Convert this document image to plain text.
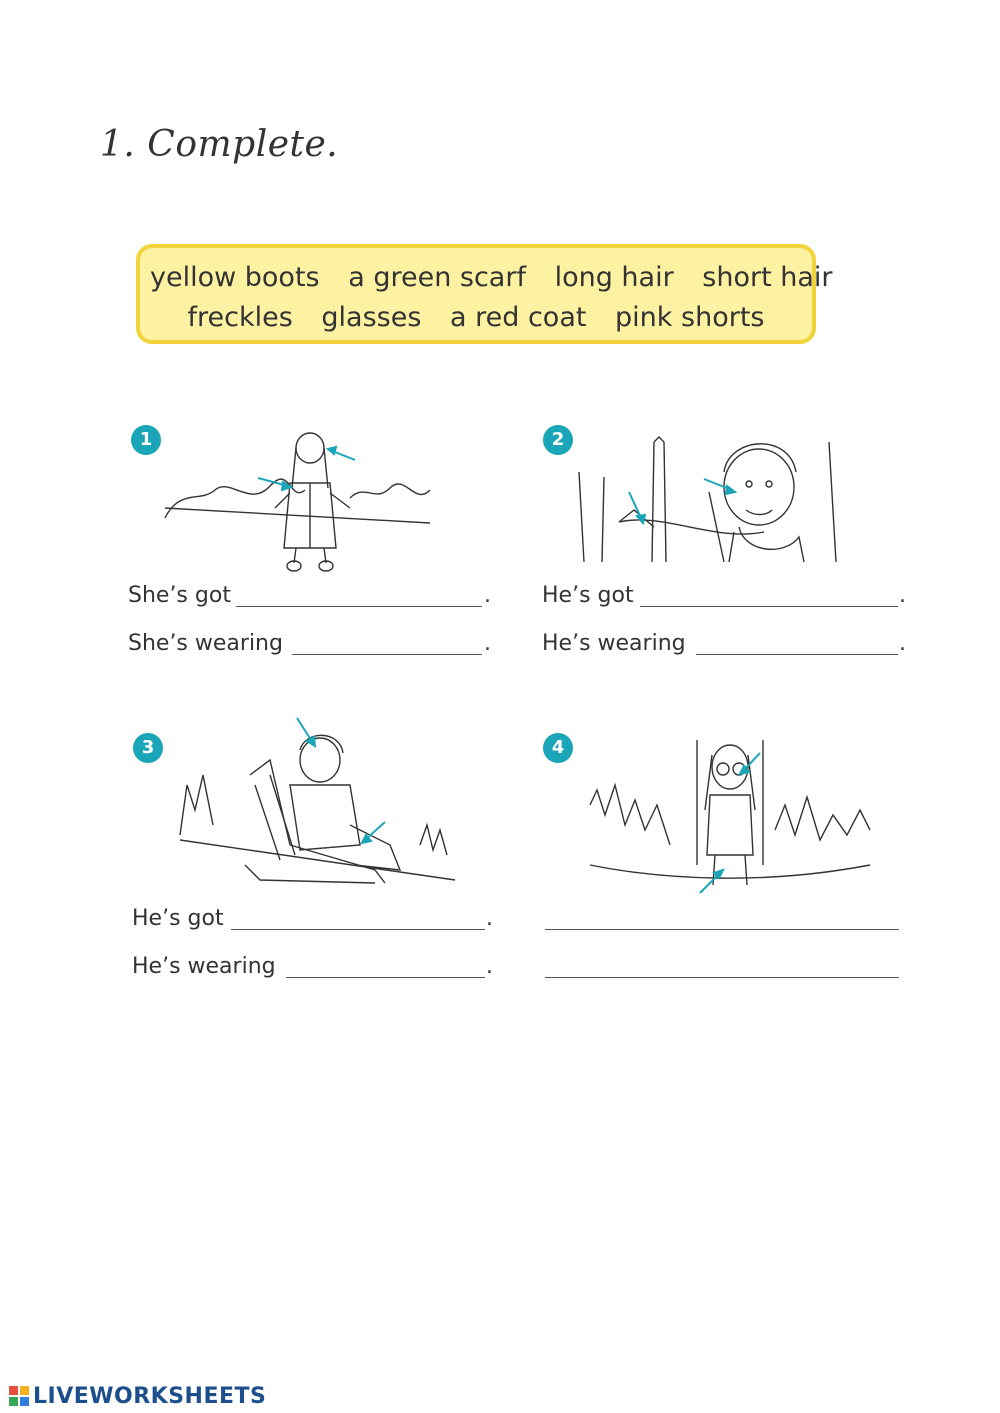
1. Complete.
yellow boots a green scarf long hair short hair
freckles glasses a red coat pink shorts
1
She’s got	.
She’s wearing	.
2
He’s got	.
He’s wearing	.
3
He’s got	.
He’s wearing	.
4
LIVEWORKSHEETS
